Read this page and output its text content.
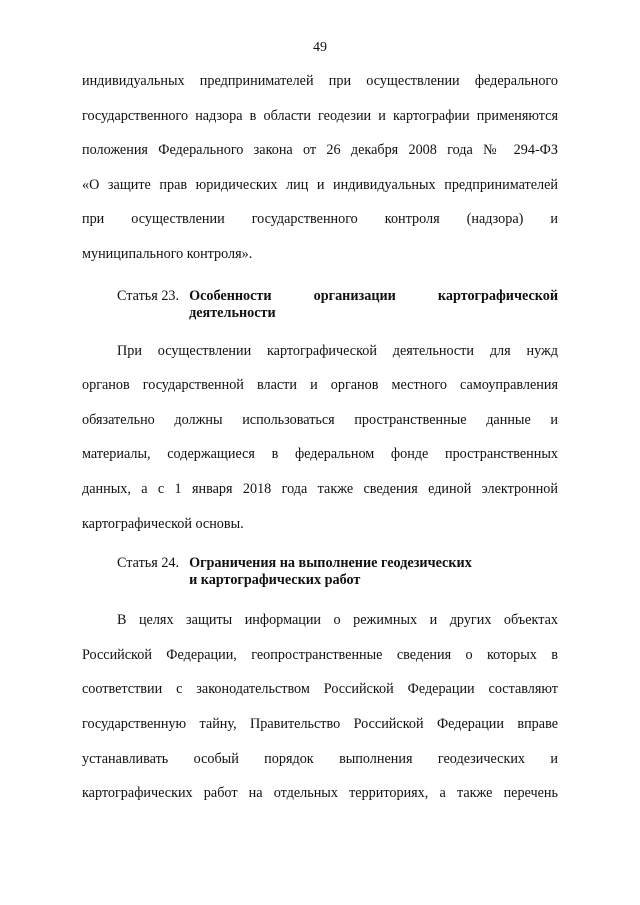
49
индивидуальных предпринимателей при осуществлении федерального
государственного надзора в области геодезии и картографии применяются
положения Федерального закона от 26 декабря 2008 года № 294-ФЗ
«О защите прав юридических лиц и индивидуальных предпринимателей
при осуществлении государственного контроля (надзора) и
муниципального контроля».
Статья 23. Особенности организации картографической
деятельности
При осуществлении картографической деятельности для нужд
органов государственной власти и органов местного самоуправления
обязательно должны использоваться пространственные данные и
материалы, содержащиеся в федеральном фонде пространственных
данных, а с 1 января 2018 года также сведения единой электронной
картографической основы.
Статья 24. Ограничения на выполнение геодезических
и картографических работ
В целях защиты информации о режимных и других объектах
Российской Федерации, геопространственные сведения о которых в
соответствии с законодательством Российской Федерации составляют
государственную тайну, Правительство Российской Федерации вправе
устанавливать особый порядок выполнения геодезических и
картографических работ на отдельных территориях, а также перечень
